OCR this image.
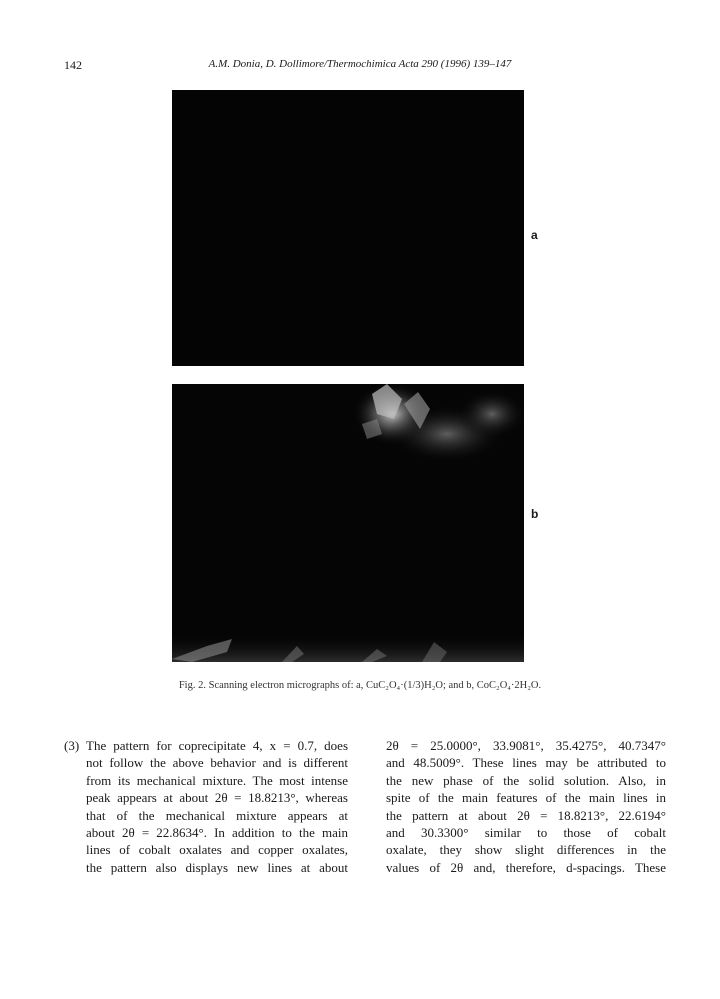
142	A.M. Donia, D. Dollimore/Thermochimica Acta 290 (1996) 139–147
a
b
Fig. 2. Scanning electron micrographs of: a, CuC₂O₄·(1/3)H₂O; and b, CoC₂O₄·2H₂O.
(3) The pattern for coprecipitate 4, x = 0.7, does
not follow the above behavior and is different
from its mechanical mixture. The most intense
peak appears at about 2θ = 18.8213°, whereas
that of the mechanical mixture appears at
about 2θ = 22.8634°. In addition to the main
lines of cobalt oxalates and copper oxalates,
the pattern also displays new lines at about
2θ = 25.0000°, 33.9081°, 35.4275°, 40.7347°
and 48.5009°. These lines may be attributed to
the new phase of the solid solution. Also, in
spite of the main features of the main lines in
the pattern at about 2θ = 18.8213°, 22.6194°
and 30.3300° similar to those of cobalt
oxalate, they show slight differences in the
values of 2θ and, therefore, d-spacings. These
